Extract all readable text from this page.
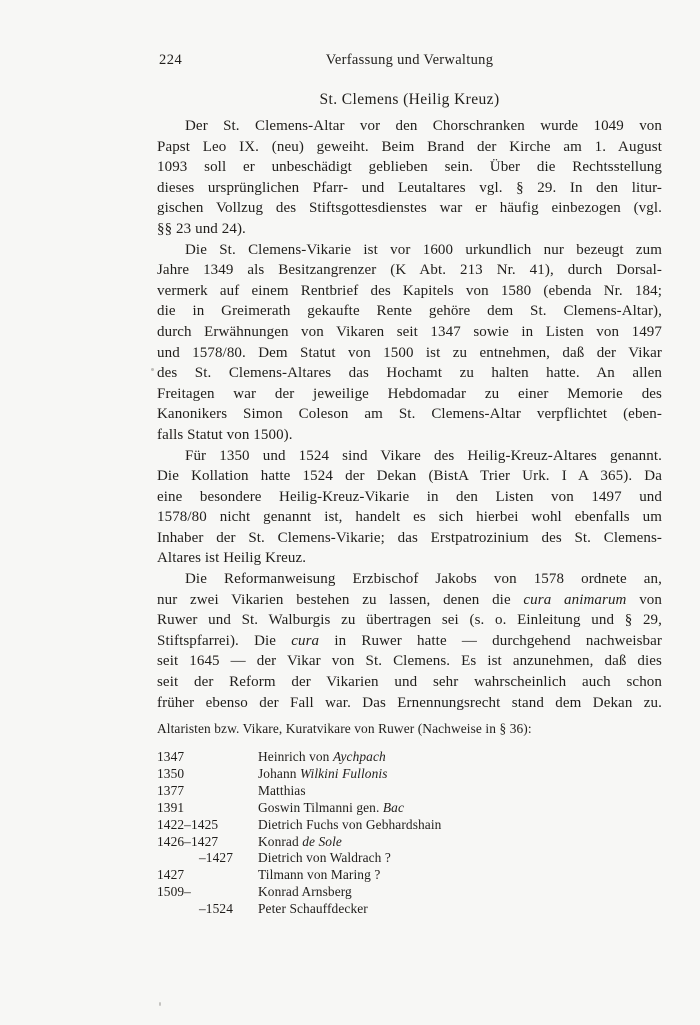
224	Verfassung und Verwaltung
St. Clemens (Heilig Kreuz)
Der St. Clemens-Altar vor den Chorschranken wurde 1049 von
Papst Leo IX. (neu) geweiht. Beim Brand der Kirche am 1. August
1093 soll er unbeschädigt geblieben sein. Über die Rechtsstellung
dieses ursprünglichen Pfarr- und Leutaltares vgl. § 29. In den litur-
gischen Vollzug des Stiftsgottesdienstes war er häufig einbezogen (vgl.
§§ 23 und 24).
Die St. Clemens-Vikarie ist vor 1600 urkundlich nur bezeugt zum
Jahre 1349 als Besitzangrenzer (K Abt. 213 Nr. 41), durch Dorsal-
vermerk auf einem Rentbrief des Kapitels von 1580 (ebenda Nr. 184;
die in Greimerath gekaufte Rente gehöre dem St. Clemens-Altar),
durch Erwähnungen von Vikaren seit 1347 sowie in Listen von 1497
und 1578/80. Dem Statut von 1500 ist zu entnehmen, daß der Vikar
des St. Clemens-Altares das Hochamt zu halten hatte. An allen
Freitagen war der jeweilige Hebdomadar zu einer Memorie des
Kanonikers Simon Coleson am St. Clemens-Altar verpflichtet (eben-
falls Statut von 1500).
Für 1350 und 1524 sind Vikare des Heilig-Kreuz-Altares genannt.
Die Kollation hatte 1524 der Dekan (BistA Trier Urk. I A 365). Da
eine besondere Heilig-Kreuz-Vikarie in den Listen von 1497 und
1578/80 nicht genannt ist, handelt es sich hierbei wohl ebenfalls um
Inhaber der St. Clemens-Vikarie; das Erstpatrozinium des St. Clemens-
Altares ist Heilig Kreuz.
Die Reformanweisung Erzbischof Jakobs von 1578 ordnete an,
nur zwei Vikarien bestehen zu lassen, denen die cura animarum von
Ruwer und St. Walburgis zu übertragen sei (s. o. Einleitung und § 29,
Stiftspfarrei). Die cura in Ruwer hatte — durchgehend nachweisbar
seit 1645 — der Vikar von St. Clemens. Es ist anzunehmen, daß dies
seit der Reform der Vikarien und sehr wahrscheinlich auch schon
früher ebenso der Fall war. Das Ernennungsrecht stand dem Dekan zu.
Altaristen bzw. Vikare, Kuratvikare von Ruwer (Nachweise in § 36):
1347	Heinrich von Aychpach
1350	Johann Wilkini Fullonis
1377	Matthias
1391	Goswin Tilmanni gen. Bac
1422–1425	Dietrich Fuchs von Gebhardshain
1426–1427	Konrad de Sole
–1427	Dietrich von Waldrach ?
1427	Tilmann von Maring ?
1509–	Konrad Arnsberg
–1524	Peter Schauffdecker
